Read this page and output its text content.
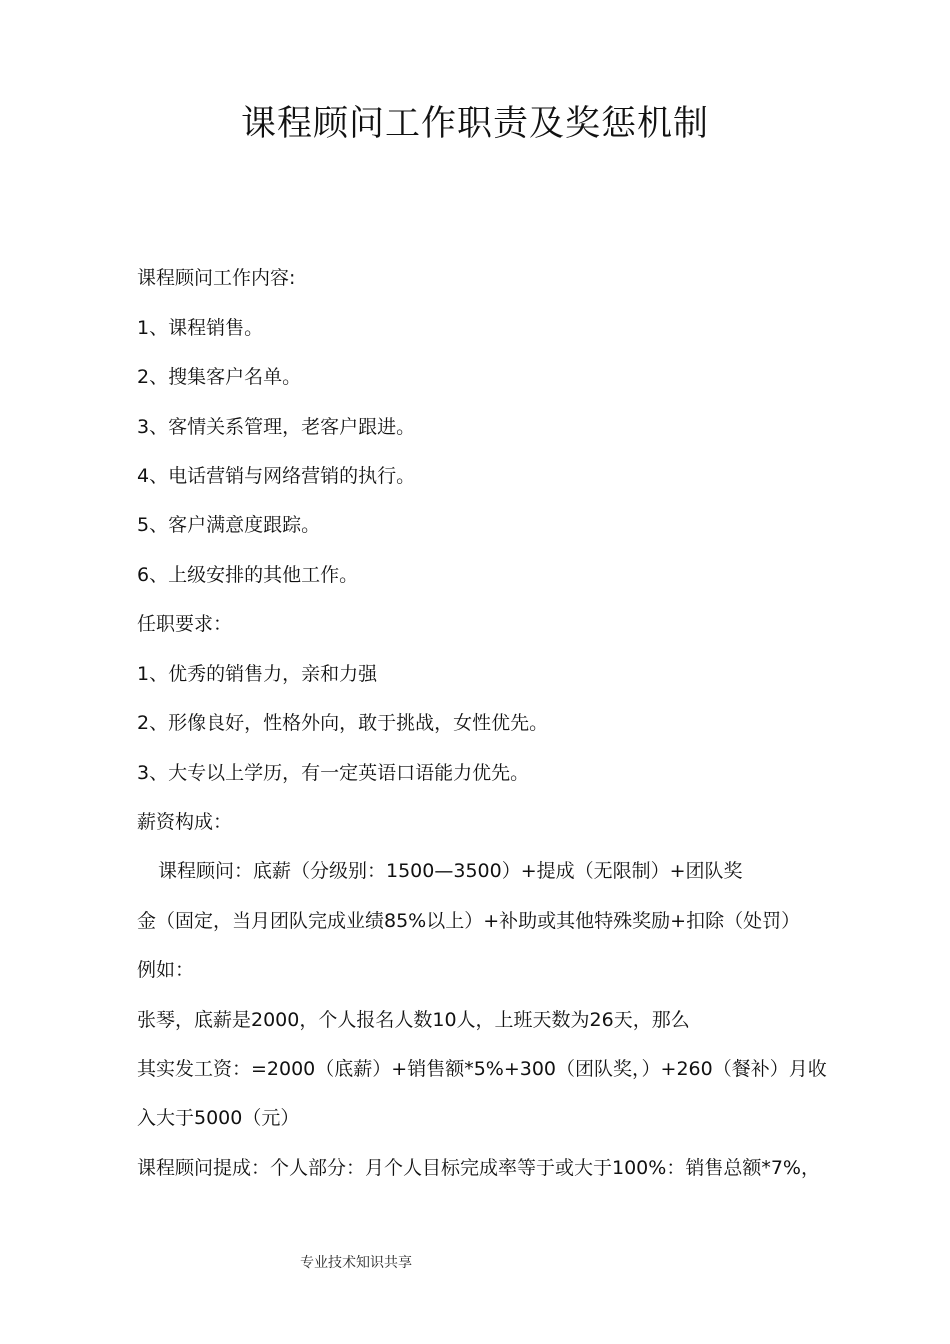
课程顾问工作职责及奖惩机制
课程顾问工作内容:
1、课程销售。
2、搜集客户名单。
3、客情关系管理，老客户跟进。
4、电话营销与网络营销的执行。
5、客户满意度跟踪。
6、上级安排的其他工作。
任职要求：
1、优秀的销售力，亲和力强
2、形像良好，性格外向，敢于挑战，女性优先。
3、大专以上学历，有一定英语口语能力优先。
薪资构成：
课程顾问：底薪（分级别：1500—3500）+提成（无限制）+团队奖
金（固定，当月团队完成业绩85%以上）+补助或其他特殊奖励+扣除（处罚）
例如：
张琴，底薪是2000，个人报名人数10人，上班天数为26天，那么
其实发工资：=2000（底薪）+销售额*5%+300（团队奖，）+260（餐补）月收
入大于5000（元）
课程顾问提成：个人部分：月个人目标完成率等于或大于100%：销售总额*7%，
专业技术知识共享
